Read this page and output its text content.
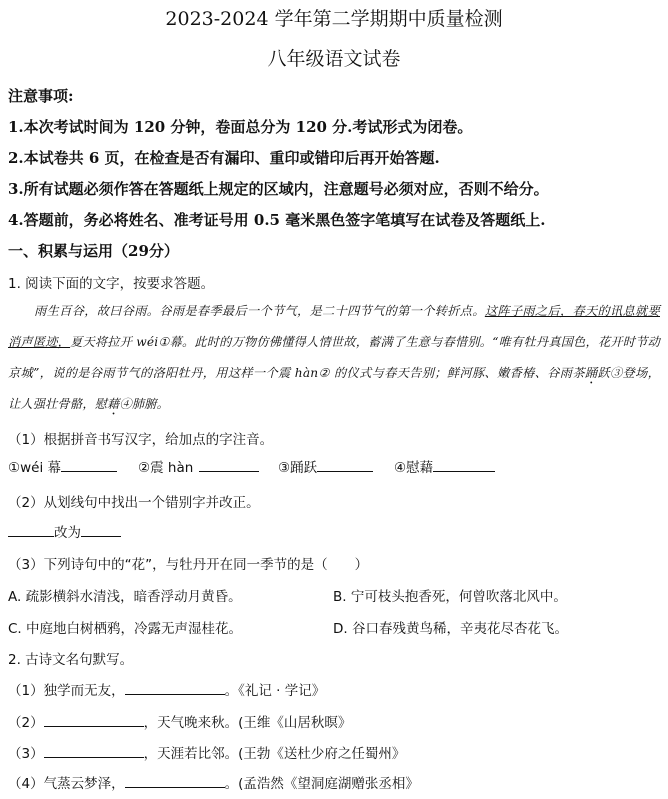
2023-2024 学年第二学期期中质量检测
八年级语文试卷
注意事项:
1.本次考试时间为 120 分钟，卷面总分为 120 分.考试形式为闭卷。
2.本试卷共 6 页，在检查是否有漏印、重印或错印后再开始答题.
3.所有试题必须作答在答题纸上规定的区域内，注意题号必须对应，否则不给分。
4.答题前，务必将姓名、准考证号用 0.5 毫米黑色签字笔填写在试卷及答题纸上.
一、积累与运用（29分）
1. 阅读下面的文字，按要求答题。
雨生百谷，故曰谷雨。谷雨是春季最后一个节气，是二十四节气的第一个转折点。这阵子雨之后，春天的讯息就要消声匿迹，夏天将拉开 wéi①幕。此时的万物仿佛懂得人情世故，蓄满了生意与春惜别。“唯有牡丹真国色，花开时节动京城”，说的是谷雨节气的洛阳牡丹，用这样一个震 hàn② 的仪式与春天告别；鲜河豚、嫩香椿、谷雨茶踊跃③登场，让人强壮骨骼，慰藉④肺腑。
（1）根据拼音书写汉字，给加点的字注音。
①wéi 幕	②震 hàn	③踊跃	④慰藉
（2）从划线句中找出一个错别字并改正。
改为
（3）下列诗句中的“花”，与牡丹开在同一季节的是（　　）
A. 疏影横斜水清浅，暗香浮动月黄昏。	B. 宁可枝头抱香死，何曾吹落北风中。
C. 中庭地白树栖鸦，冷露无声湿桂花。	D. 谷口春残黄鸟稀，辛夷花尽杏花飞。
2. 古诗文名句默写。
（1）独学而无友，	。《礼记 · 学记》
（2）	，天气晚来秋。(王维《山居秋暝》
（3）	，天涯若比邻。(王勃《送杜少府之任蜀州》
（4）气蒸云梦泽，	。(孟浩然《望洞庭湖赠张丞相》
